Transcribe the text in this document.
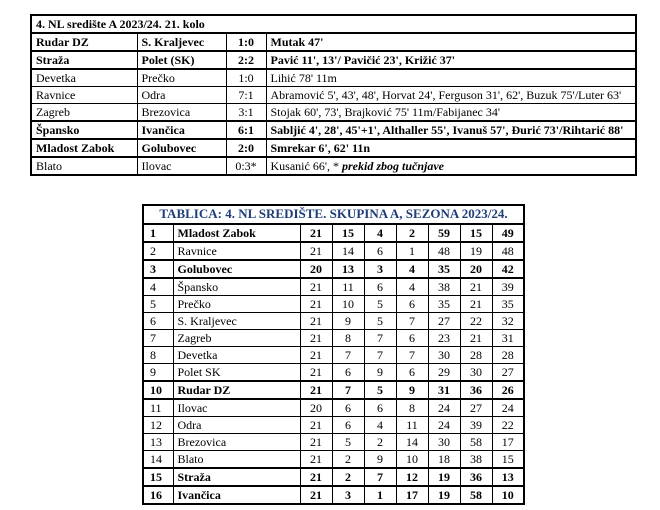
4. NL središte A 2023/24. 21. kolo			
Rudar DZ	S. Kraljevec	1:0	Mutak 47'
Straža	Polet (SK)	2:2	Pavić 11', 13'/ Pavičić 23', Križić 37'
Devetka	Prečko	1:0	Lihić 78' 11m
Ravnice	Odra	7:1	Abramović 5', 43', 48', Horvat 24', Ferguson 31', 62', Buzuk 75'/Luter 63'
Zagreb	Brezovica	3:1	Stojak 60', 73', Brajković 75' 11m/Fabijanec 34'
Špansko	Ivančica	6:1	Sabljić 4', 28', 45'+1', Althaller 55', Ivanuš 57', Đurić 73'/Rihtarić 88'
Mladost Zabok	Golubovec	2:0	Smrekar 6', 62' 11n
Blato	Ilovac	0:3*	Kusanić 66', * prekid zbog tučnjave
TABLICA: 4. NL SREDIŠTE. SKUPINA A, SEZONA 2023/24.								
1	Mladost Zabok	21	15	4	2	59	15	49
2	Ravnice	21	14	6	1	48	19	48
3	Golubovec	20	13	3	4	35	20	42
4	Špansko	21	11	6	4	38	21	39
5	Prečko	21	10	5	6	35	21	35
6	S. Kraljevec	21	9	5	7	27	22	32
7	Zagreb	21	8	7	6	23	21	31
8	Devetka	21	7	7	7	30	28	28
9	Polet SK	21	6	9	6	29	30	27
10	Rudar DZ	21	7	5	9	31	36	26
11	Ilovac	20	6	6	8	24	27	24
12	Odra	21	6	4	11	24	39	22
13	Brezovica	21	5	2	14	30	58	17
14	Blato	21	2	9	10	18	38	15
15	Straža	21	2	7	12	19	36	13
16	Ivančica	21	3	1	17	19	58	10
